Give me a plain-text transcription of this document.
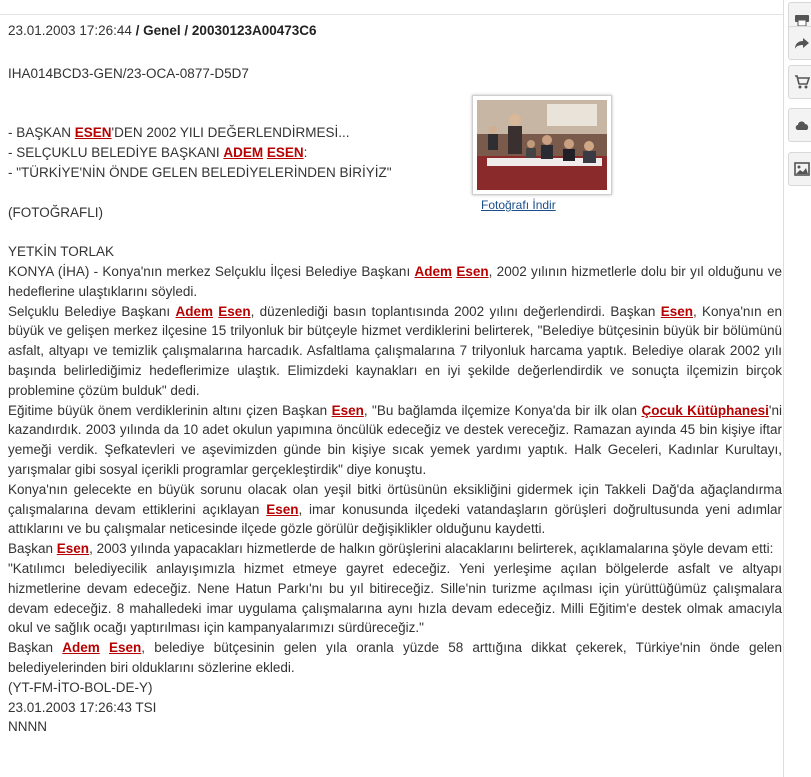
23.01.2003 17:26:44 / Genel / 20030123A00473C6

IHA014BCD3-GEN/23-OCA-0877-D5D7

- BAŞKAN ESEN'DEN 2002 YILI DEĞERLENDİRMESİ...

- SELÇUKLU BELEDİYE BAŞKANI ADEM ESEN:

- "TÜRKİYE'NİN ÖNDE GELEN BELEDİYELERİNDEN BİRİYİZ"

(FOTOĞRAFLI)

YETKİN TORLAK

KONYA (İHA) - Konya'nın merkez Selçuklu İlçesi Belediye Başkanı Adem Esen, 2002 yılının hizmetlerle dolu bir yıl olduğunu ve hedeflerine ulaştıklarını söyledi.

Selçuklu Belediye Başkanı Adem Esen, düzenlediği basın toplantısında 2002 yılını değerlendirdi. Başkan Esen, Konya'nın en büyük ve gelişen merkez ilçesine 15 trilyonluk bir bütçeyle hizmet verdiklerini belirterek, "Belediye bütçesinin büyük bir bölümünü asfalt, altyapı ve temizlik çalışmalarına harcadık. Asfaltlama çalışmalarına 7 trilyonluk harcama yaptık. Belediye olarak 2002 yılı başında belirlediğimiz hedeflerimize ulaştık. Elimizdeki kaynakları en iyi şekilde değerlendirdik ve sonuçta ilçemizin birçok problemine çözüm bulduk" dedi.

Eğitime büyük önem verdiklerinin altını çizen Başkan Esen, "Bu bağlamda ilçemize Konya'da bir ilk olan Çocuk Kütüphanesi'ni kazandırdık. 2003 yılında da 10 adet okulun yapımına öncülük edeceğiz ve destek vereceğiz. Ramazan ayında 45 bin kişiye iftar yemeği verdik. Şefkatevleri ve aşevimizden günde bin kişiye sıcak yemek yardımı yaptık. Halk Geceleri, Kadınlar Kurultayı, yarışmalar gibi sosyal içerikli programlar gerçekleştirdik" diye konuştu.

Konya'nın gelecekte en büyük sorunu olacak olan yeşil bitki örtüsünün eksikliğini gidermek için Takkeli Dağ'da ağaçlandırma çalışmalarına devam ettiklerini açıklayan Esen, imar konusunda ilçedeki vatandaşların görüşleri doğrultusunda yeni adımlar attıklarını ve bu çalışmalar neticesinde ilçede gözle görülür değişiklikler olduğunu kaydetti.

Başkan Esen, 2003 yılında yapacakları hizmetlerde de halkın görüşlerini alacaklarını belirterek, açıklamalarına şöyle devam etti:

"Katılımcı belediyecilik anlayışımızla hizmet etmeye gayret edeceğiz. Yeni yerleşime açılan bölgelerde asfalt ve altyapı hizmetlerine devam edeceğiz. Nene Hatun Parkı'nı bu yıl bitireceğiz. Sille'nin turizme açılması için yürüttüğümüz çalışmalara devam edeceğiz. 8 mahalledeki imar uygulama çalışmalarına aynı hızla devam edeceğiz. Milli Eğitim'e destek olmak amacıyla okul ve sağlık ocağı yaptırılması için kampanyalarımızı sürdüreceğiz."

Başkan Adem Esen, belediye bütçesinin gelen yıla oranla yüzde 58 arttığına dikkat çekerek, Türkiye'nin önde gelen belediyelerinden biri olduklarını sözlerine ekledi.

(YT-FM-İTO-BOL-DE-Y)

23.01.2003 17:26:43 TSI

NNNN

Fotoğrafı İndir
